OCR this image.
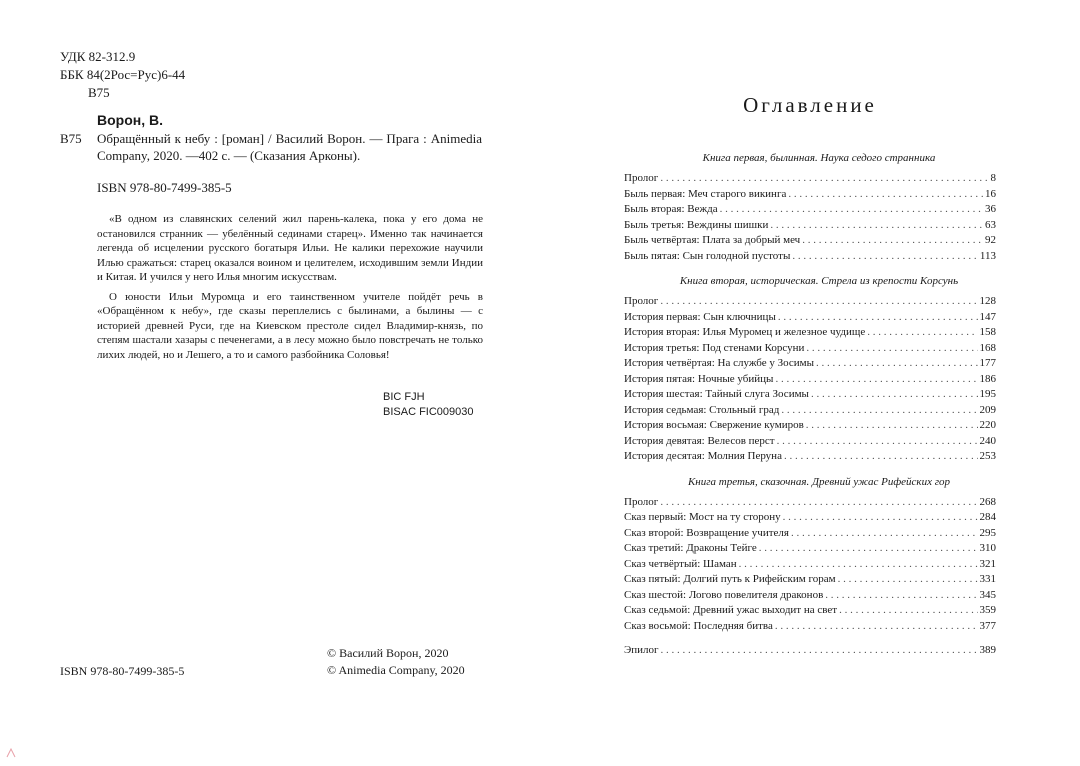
УДК 82-312.9
ББК 84(2Рос=Рус)6-44

В75
Ворон, В.
В75 Обращённый к небу : [роман] / Василий Ворон. — Прага : Animedia Company, 2020. —402 с. — (Сказания Арконы).
ISBN 978-80-7499-385-5

«В одном из славянских селений жил парень-калека, пока у его дома не остановился странник — убелённый сединами старец». Именно так начинается легенда об исцелении русского богатыря Ильи. Не калики перехожие научили Илью сражаться: старец оказался воином и целителем, исходившим земли Индии и Китая. И учился у него Илья многим искусствам.

О юности Ильи Муромца и его таинственном учителе пойдёт речь в «Обращённом к небу», где сказы переплелись с былинами, а былины — с историей древней Руси, где на Киевском престоле сидел Владимир-князь, по степям шастали хазары с печенегами, а в лесу можно было повстречать не только лихих людей, но и Лешего, а то и самого разбойника Соловья!

BIC FJH
BISAC FIC009030
© Василий Ворон, 2020
© Animedia Company, 2020
ISBN 978-80-7499-385-5
Оглавление
Книга первая, былинная. Наука седого странника
Пролог . . .	8
Быль первая: Меч старого викинга . . .	16
Быль вторая: Вежда . . .	36
Быль третья: Веждины шишки . . .	63
Быль четвёртая: Плата за добрый меч . . .	92
Быль пятая: Сын голодной пустоты . . .	113
Книга вторая, историческая. Стрела из крепости Корсунь
Пролог . . .	128
История первая: Сын ключницы . . .	147
История вторая: Илья Муромец и железное чудище . . .	158
История третья: Под стенами Корсуни . . .	168
История четвёртая: На службе у Зосимы . . .	177
История пятая: Ночные убийцы . . .	186
История шестая: Тайный слуга Зосимы . . .	195
История седьмая: Стольный град . . .	209
История восьмая: Свержение кумиров . . .	220
История девятая: Велесов перст . . .	240
История десятая: Молния Перуна . . .	253
Книга третья, сказочная. Древний ужас Рифейских гор
Пролог . . .	268
Сказ первый: Мост на ту сторону . . .	284
Сказ второй: Возвращение учителя . . .	295
Сказ третий: Драконы Тейге . . .	310
Сказ четвёртый: Шаман . . .	321
Сказ пятый: Долгий путь к Рифейским горам . . .	331
Сказ шестой: Логово повелителя драконов . . .	345
Сказ седьмой: Древний ужас выходит на свет . . .	359
Сказ восьмой: Последняя битва . . .	377
Эпилог . . .	389
